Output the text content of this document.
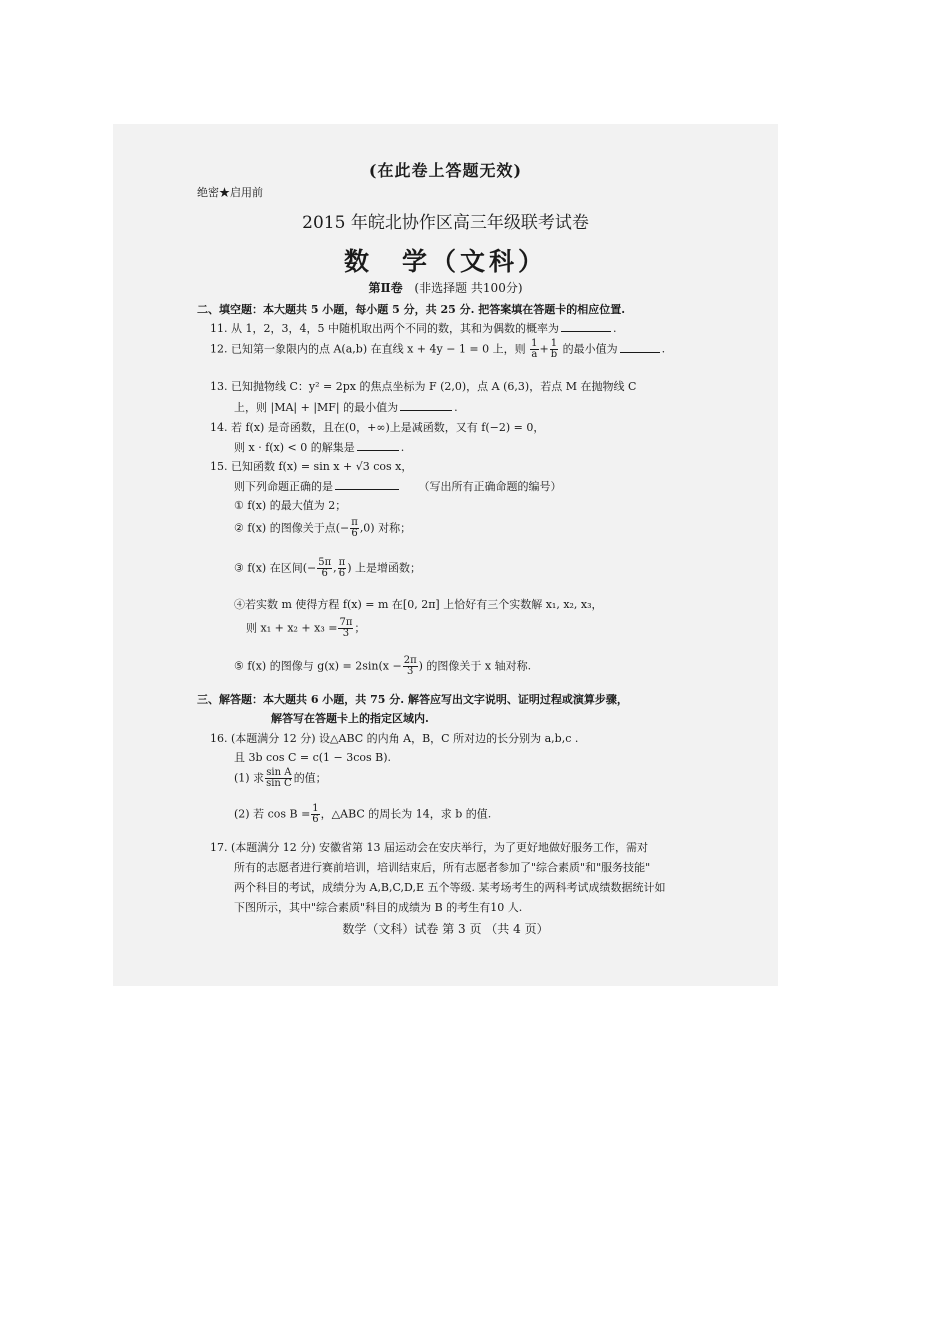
(在此卷上答题无效)
绝密★启用前
2015 年皖北协作区高三年级联考试卷
数　学（文科）
第Ⅱ卷 (非选择题 共100分)
二、填空题：本大题共 5 小题，每小题 5 分，共 25 分. 把答案填在答题卡的相应位置.
11. 从 1，2，3，4，5 中随机取出两个不同的数，其和为偶数的概率为	.
12. 已知第一象限内的点 A(a,b) 在直线 x + 4y − 1 = 0 上，则 $\frac{1}{a} + \frac{1}{b}$ 的最小值为	.
13. 已知抛物线 C：y² = 2px 的焦点坐标为 F (2,0)，点 A (6,3)，若点 M 在抛物线 C
上，则 |MA| + |MF| 的最小值为	.
14. 若 f(x) 是奇函数，且在(0，+∞)上是减函数，又有 f(−2) = 0，
则 x · f(x) < 0 的解集是	.
15. 已知函数 f(x) = sin x + √3 cos x，
则下列命题正确的是	（写出所有正确命题的编号）
① f(x) 的最大值为 2；
② f(x) 的图像关于点(− $\frac{\pi}{6} ,0$) 对称；
③ f(x) 在区间(− $\frac{5\pi}{6}$ , $\frac{\pi}{6}$ ) 上是增函数；
④若实数 m 使得方程 f(x) = m 在[0, 2π] 上恰好有三个实数解 x₁, x₂, x₃，
则 $x_1 + x_2 + x_3 = \frac{7\pi}{3}$ ；
⑤ f(x) 的图像与 $g(x) = 2\sin(x - \frac{2\pi}{3}$ ) 的图像关于 x 轴对称.
三、解答题：本大题共 6 小题，共 75 分. 解答应写出文字说明、证明过程或演算步骤，
解答写在答题卡上的指定区域内.
16. (本题满分 12 分) 设△ABC 的内角 A，B，C 所对边的长分别为 a,b,c .
且 3b cos C = c(1 − 3cos B).
(1) 求 $\frac{\text{sin A}}{\text{sin C}}$ 的值；
(2) 若 $\cos B = \frac{1}{6}$ ，△ABC 的周长为 14，求 b 的值.
17. (本题满分 12 分) 安徽省第 13 届运动会在安庆举行，为了更好地做好服务工作，需对
所有的志愿者进行赛前培训，培训结束后，所有志愿者参加了"综合素质"和"服务技能"
两个科目的考试，成绩分为 A,B,C,D,E 五个等级. 某考场考生的两科考试成绩数据统计如
下图所示，其中"综合素质"科目的成绩为 B 的考生有10 人.
数学（文科）试卷 第 3 页 （共 4 页）
